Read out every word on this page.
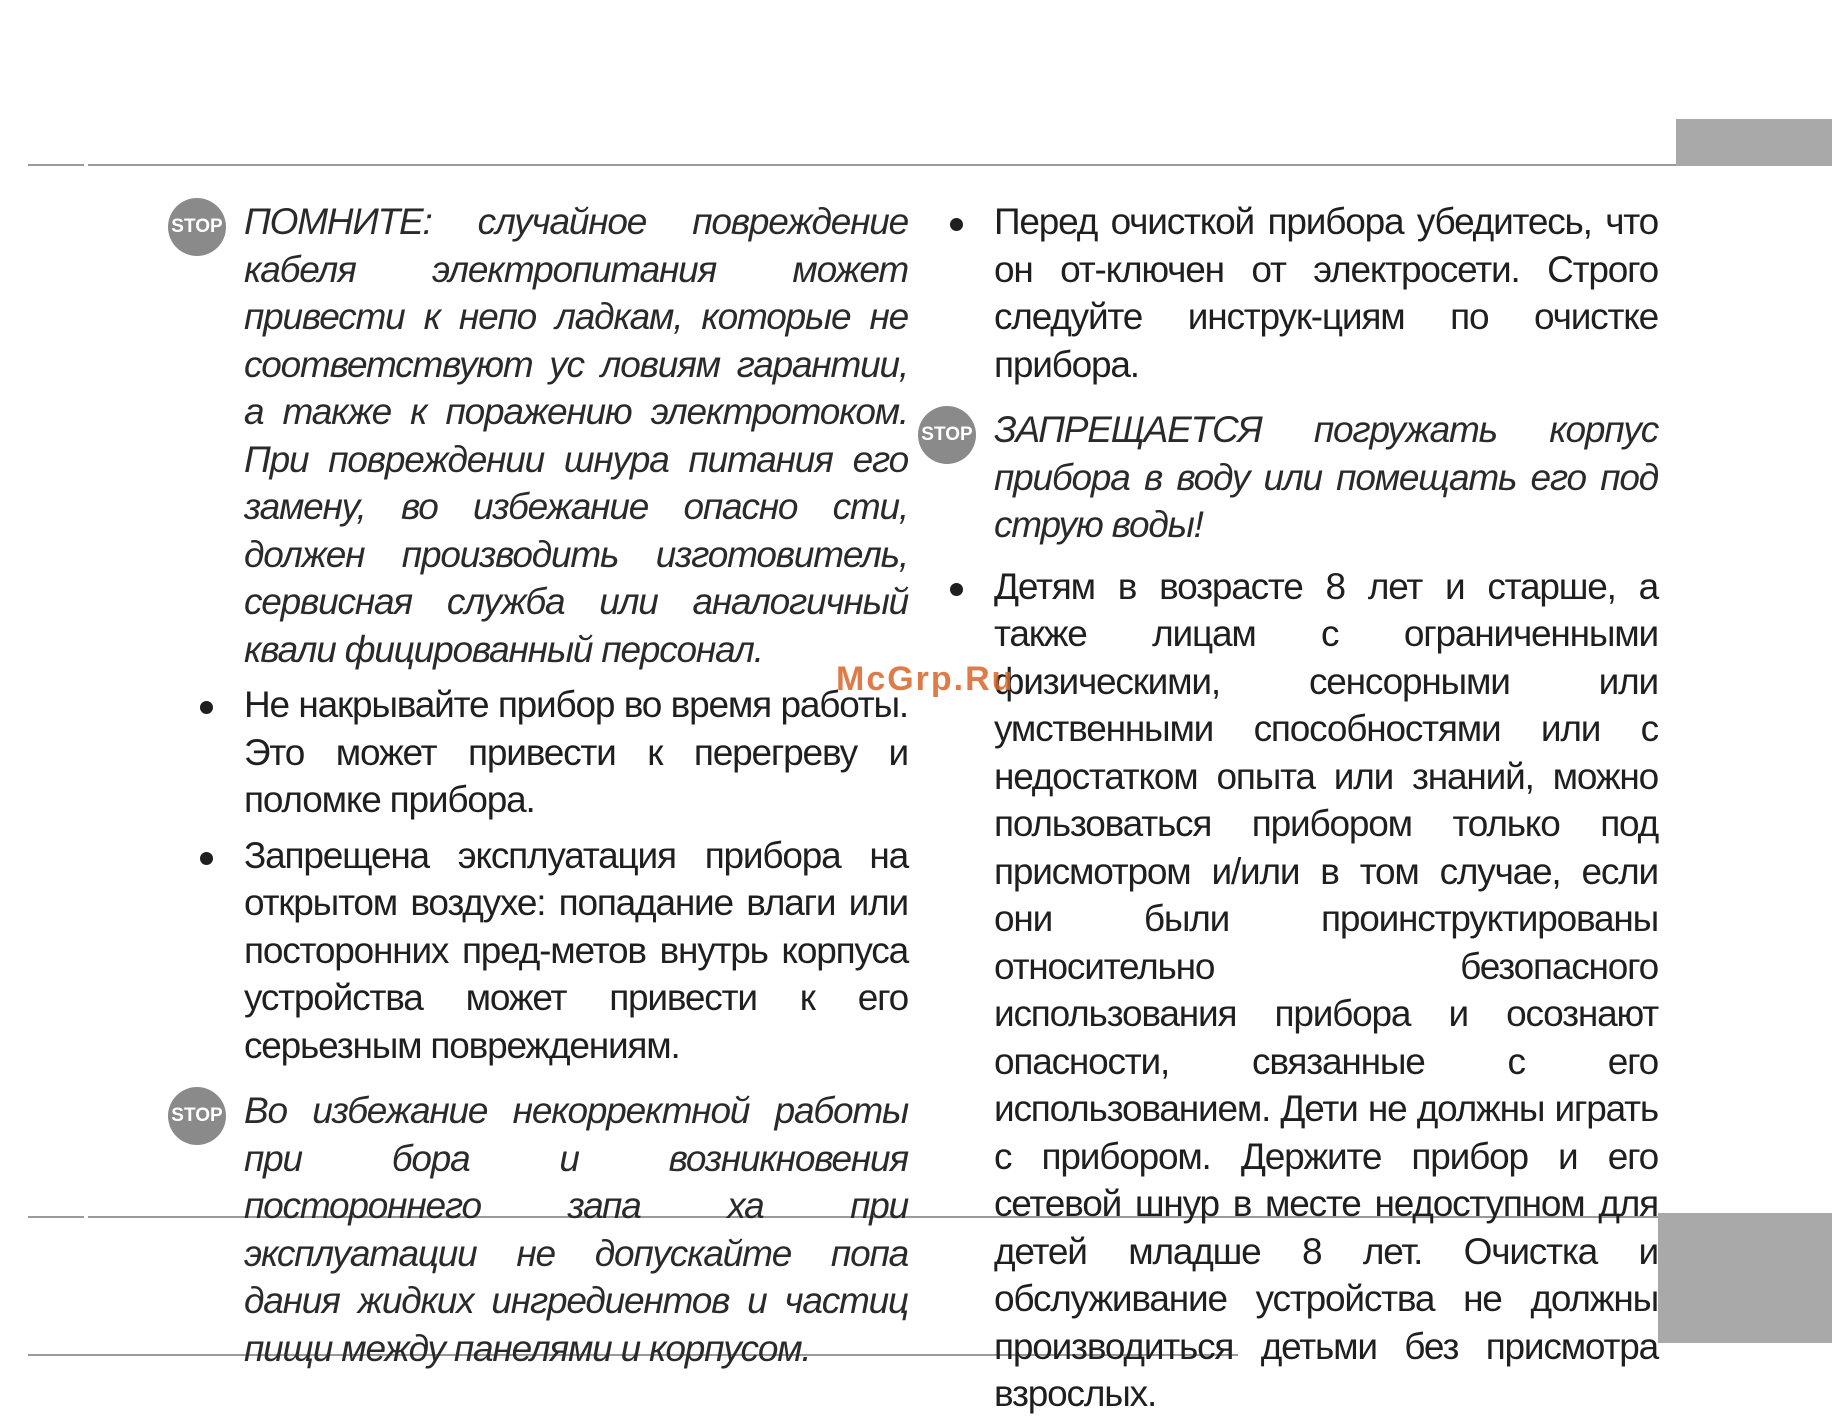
STOP ПОМНИТЕ: случайное повреждение кабеля электропитания может привести к непо ладкам, которые не соответствуют ус ловиям гарантии, а также к поражению электротоком. При повреждении шнура питания его замену, во избежание опасно сти, должен производить изготовитель, сервисная служба или аналогичный квали фицированный персонал.
Не накрывайте прибор во время работы. Это может привести к перегреву и поломке прибора.
Запрещена эксплуатация прибора на открытом воздухе: попадание влаги или посторонних пред-метов внутрь корпуса устройства может привести к его серьезным повреждениям.
STOP Во избежание некорректной работы при бора и возникновения постороннего запа ха при эксплуатации не допускайте попа дания жидких ингредиентов и частиц пищи между панелями и корпусом.
Перед очисткой прибора убедитесь, что он от-ключен от электросети. Строго следуйте инструк-циям по очистке прибора.
STOP ЗАПРЕЩАЕТСЯ погружать корпус прибора в воду или помещать его под струю воды!
Детям в возрасте 8 лет и старше, а также лицам с ограниченными физическими, сенсорными или умственными способностями или с недостатком опыта или знаний, можно пользоваться прибором только под присмотром и/или в том случае, если они были проинструктированы относительно безопасного использования прибора и осознают опасности, связанные с его использованием. Дети не должны играть с прибором. Держите прибор и его сетевой шнур в месте недоступном для детей младше 8 лет. Очистка и обслуживание устройства не должны производиться детьми без присмотра взрослых.
McGrp.Ru
